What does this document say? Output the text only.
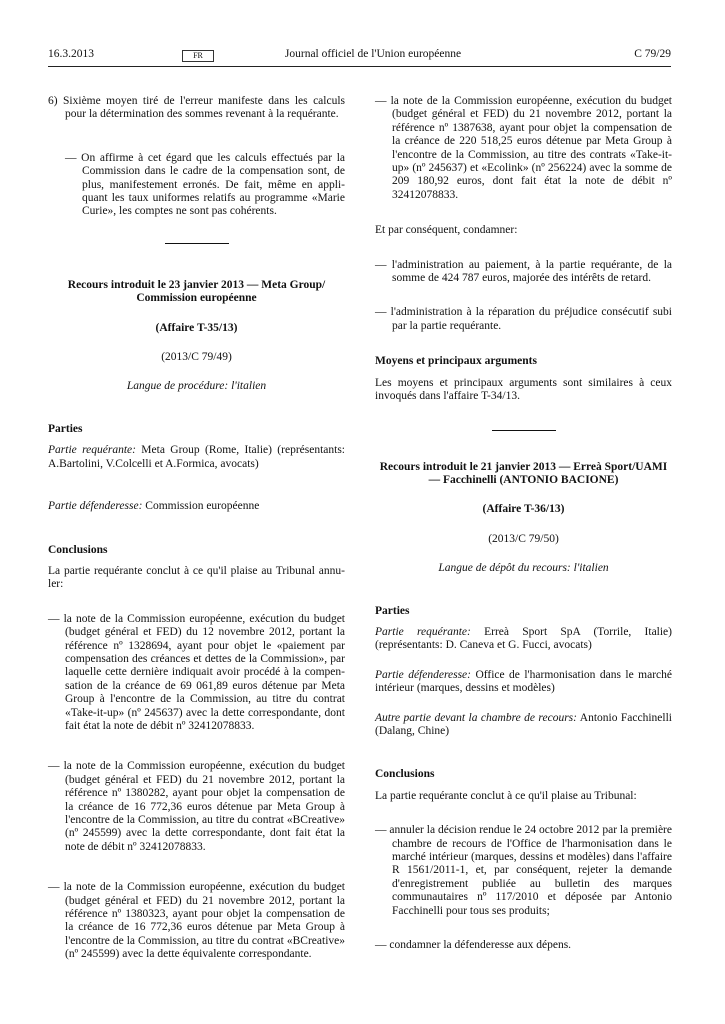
16.3.2013	FR	Journal officiel de l'Union européenne	C 79/29

6) Sixième moyen tiré de l'erreur manifeste dans les calculs pour la détermination des sommes revenant à la requérante.

— On affirme à cet égard que les calculs effectués par la Commission dans le cadre de la compensation sont, de plus, manifestement erronés. De fait, même en appliquant les taux uniformes relatifs au programme «Marie Curie», les comptes ne sont pas cohérents.

Recours introduit le 23 janvier 2013 — Meta Group/ Commission européenne

(Affaire T-35/13)

(2013/C 79/49)

Langue de procédure: l'italien

Parties

Partie requérante: Meta Group (Rome, Italie) (représentants: A.Bartolini, V.Colcelli et A.Formica, avocats)

Partie défenderesse: Commission européenne

Conclusions

La partie requérante conclut à ce qu'il plaise au Tribunal annuler:

— la note de la Commission européenne, exécution du budget (budget général et FED) du 12 novembre 2012, portant la référence nº 1328694, ayant pour objet le «paiement par compensation des créances et dettes de la Commission», par laquelle cette dernière indiquait avoir procédé à la compensation de la créance de 69 061,89 euros détenue par Meta Group à l'encontre de la Commission, au titre du contrat «Take-it-up» (nº 245637) avec la dette correspondante, dont fait état la note de débit nº 32412078833.

— la note de la Commission européenne, exécution du budget (budget général et FED) du 21 novembre 2012, portant la référence nº 1380282, ayant pour objet la compensation de la créance de 16 772,36 euros détenue par Meta Group à l'encontre de la Commission, au titre du contrat «BCreative» (nº 245599) avec la dette correspondante, dont fait état la note de débit nº 32412078833.

— la note de la Commission européenne, exécution du budget (budget général et FED) du 21 novembre 2012, portant la référence nº 1380323, ayant pour objet la compensation de la créance de 16 772,36 euros détenue par Meta Group à l'encontre de la Commission, au titre du contrat «BCreative» (nº 245599) avec la dette équivalente correspondante.

— la note de la Commission européenne, exécution du budget (budget général et FED) du 21 novembre 2012, portant la référence nº 1387638, ayant pour objet la compensation de la créance de 220 518,25 euros détenue par Meta Group à l'encontre de la Commission, au titre des contrats «Take-it-up» (nº 245637) et «Ecolink» (nº 256224) avec la somme de 209 180,92 euros, dont fait état la note de débit nº 32412078833.

Et par conséquent, condamner:

— l'administration au paiement, à la partie requérante, de la somme de 424 787 euros, majorée des intérêts de retard.

— l'administration à la réparation du préjudice consécutif subi par la partie requérante.

Moyens et principaux arguments

Les moyens et principaux arguments sont similaires à ceux invoqués dans l'affaire T-34/13.

Recours introduit le 21 janvier 2013 — Erreà Sport/UAMI — Facchinelli (ANTONIO BACIONE)

(Affaire T-36/13)

(2013/C 79/50)

Langue de dépôt du recours: l'italien

Parties

Partie requérante: Erreà Sport SpA (Torrile, Italie) (représentants: D. Caneva et G. Fucci, avocats)

Partie défenderesse: Office de l'harmonisation dans le marché intérieur (marques, dessins et modèles)

Autre partie devant la chambre de recours: Antonio Facchinelli (Dalang, Chine)

Conclusions

La partie requérante conclut à ce qu'il plaise au Tribunal:

— annuler la décision rendue le 24 octobre 2012 par la première chambre de recours de l'Office de l'harmonisation dans le marché intérieur (marques, dessins et modèles) dans l'affaire R 1561/2011-1, et, par conséquent, rejeter la demande d'enregistrement publiée au bulletin des marques communautaires nº 117/2010 et déposée par Antonio Facchinelli pour tous ses produits;

— condamner la défenderesse aux dépens.
